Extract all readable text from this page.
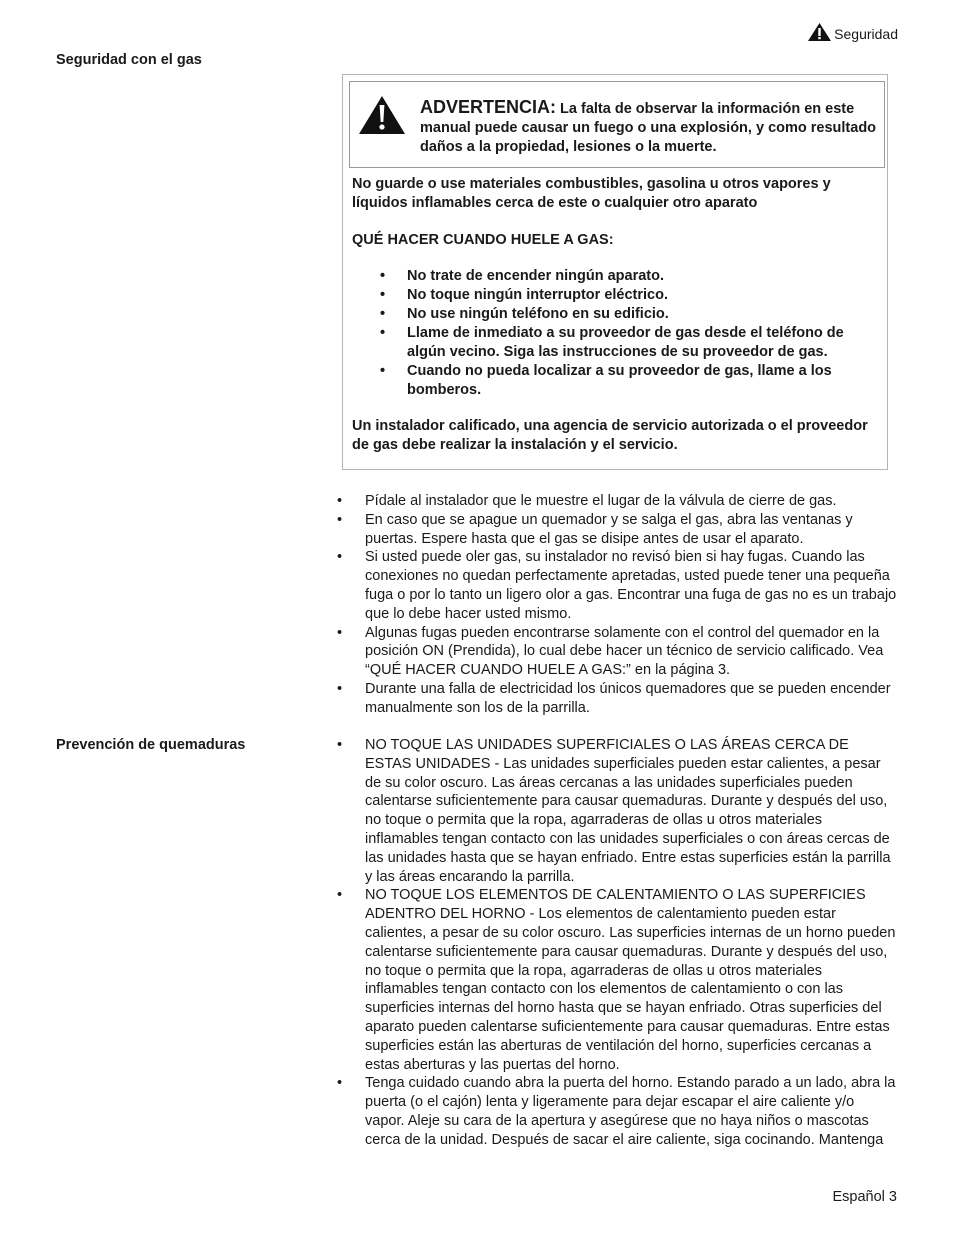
Seguridad
Seguridad con el gas
ADVERTENCIA: La falta de observar la información en este manual puede causar un fuego o una explosión, y como resultado daños a la propiedad, lesiones o la muerte.
No guarde o use materiales combustibles, gasolina u otros vapores y líquidos inflamables cerca de este o cualquier otro aparato
QUÉ HACER CUANDO HUELE A GAS:
• No trate de encender ningún aparato.
• No toque ningún interruptor eléctrico.
• No use ningún teléfono en su edificio.
• Llame de inmediato a su proveedor de gas desde el teléfono de algún vecino. Siga las instrucciones de su proveedor de gas.
• Cuando no pueda localizar a su proveedor de gas, llame a los bomberos.
Un instalador calificado, una agencia de servicio autorizada o el proveedor de gas debe realizar la instalación y el servicio.
• Pídale al instalador que le muestre el lugar de la válvula de cierre de gas.
• En caso que se apague un quemador y se salga el gas, abra las ventanas y puertas. Espere hasta que el gas se disipe antes de usar el aparato.
• Si usted puede oler gas, su instalador no revisó bien si hay fugas. Cuando las conexiones no quedan perfectamente apretadas, usted puede tener una pequeña fuga o por lo tanto un ligero olor a gas. Encontrar una fuga de gas no es un trabajo que lo debe hacer usted mismo.
• Algunas fugas pueden encontrarse solamente con el control del quemador en la posición ON (Prendida), lo cual debe hacer un técnico de servicio calificado. Vea “QUÉ HACER CUANDO HUELE A GAS:” en la página 3.
• Durante una falla de electricidad los únicos quemadores que se pueden encender manualmente son los de la parrilla.
Prevención de quemaduras
•	NO TOQUE LAS UNIDADES SUPERFICIALES O LAS ÁREAS CERCA DE ESTAS UNIDADES - Las unidades superficiales pueden estar calientes, a pesar de su color oscuro. Las áreas cercanas a las unidades superficiales pueden calentarse suficientemente para causar quemaduras. Durante y después del uso, no toque o permita que la ropa, agarraderas de ollas u otros materiales inflamables tengan contacto con las unidades superficiales o con áreas cercas de las unidades hasta que se hayan enfriado. Entre estas superficies están la parrilla y las áreas encarando la parrilla.
• NO TOQUE LOS ELEMENTOS DE CALENTAMIENTO O LAS SUPERFICIES ADENTRO DEL HORNO - Los elementos de calentamiento pueden estar calientes, a pesar de su color oscuro. Las superficies internas de un horno pueden calentarse suficientemente para causar quemaduras. Durante y después del uso, no toque o permita que la ropa, agarraderas de ollas u otros materiales inflamables tengan contacto con los elementos de calentamiento o con las superficies internas del horno hasta que se hayan enfriado. Otras superficies del aparato pueden calentarse suficientemente para causar quemaduras. Entre estas superficies están las aberturas de ventilación del horno, superficies cercanas a estas aberturas y las puertas del horno.
• Tenga cuidado cuando abra la puerta del horno. Estando parado a un lado, abra la puerta (o el cajón) lenta y ligeramente para dejar escapar el aire caliente y/o vapor. Aleje su cara de la apertura y asegúrese que no haya niños o mascotas cerca de la unidad. Después de sacar el aire caliente, siga cocinando. Mantenga
Español 3
